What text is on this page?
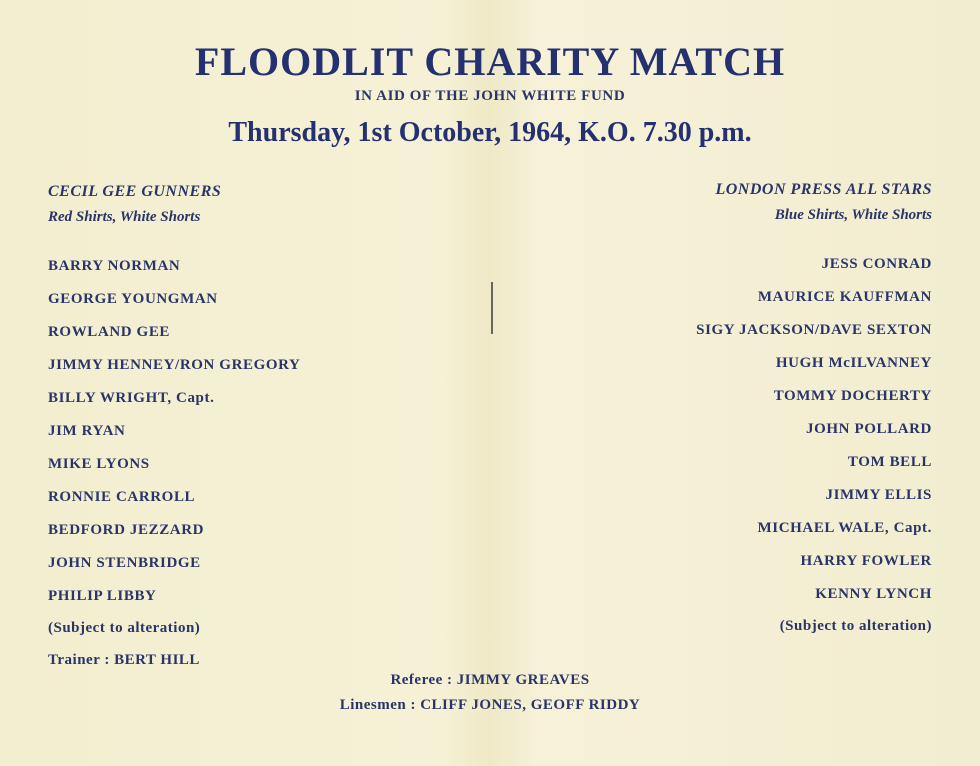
FLOODLIT CHARITY MATCH
IN AID OF THE JOHN WHITE FUND
Thursday, 1st October, 1964, K.O. 7.30 p.m.
CECIL GEE GUNNERS
Red Shirts, White Shorts
LONDON PRESS ALL STARS
Blue Shirts, White Shorts
BARRY NORMAN
GEORGE YOUNGMAN
ROWLAND GEE
JIMMY HENNEY/RON GREGORY
BILLY WRIGHT, Capt.
JIM RYAN
MIKE LYONS
RONNIE CARROLL
BEDFORD JEZZARD
JOHN STENBRIDGE
PHILIP LIBBY
JESS CONRAD
MAURICE KAUFFMAN
SIGY JACKSON/DAVE SEXTON
HUGH McILVANNEY
TOMMY DOCHERTY
JOHN POLLARD
TOM BELL
JIMMY ELLIS
MICHAEL WALE, Capt.
HARRY FOWLER
KENNY LYNCH
(Subject to alteration)	(Subject to alteration)
Trainer : BERT HILL
Referee : JIMMY GREAVES
Linesmen : CLIFF JONES, GEOFF RIDDY
